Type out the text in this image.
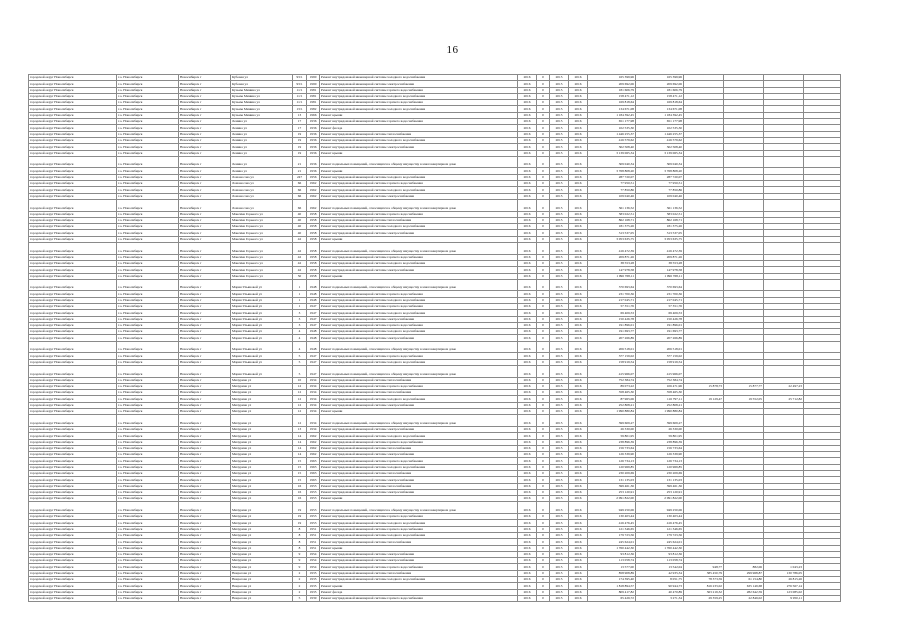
16
городской округ Новосибирск	г.о. Новосибирск	Новосибирск г	Кубовая ул	93/1	1990	Ремонт внутридомовой инженерной системы холодного водоснабжения	2016	0	2015	2016	165 399,96	165 399,96				
городской округ Новосибирск	г.о. Новосибирск	Новосибирск г	Кубовая ул	93/1	1990	Ремонт внутридомовой инженерной системы электроснабжения	2016	0	2015	2016	209 692,06	209 692,06				
городской округ Новосибирск	г.о. Новосибирск	Новосибирск г	Кузьмы Минина ул	11/1	1981	Ремонт внутридомовой инженерной системы горячего водоснабжения	2016	0	2015	2016	181 606,79	181 606,79				
городской округ Новосибирск	г.о. Новосибирск	Новосибирск г	Кузьмы Минина ул	11/1	1981	Ремонт внутридомовой инженерной системы холодного водоснабжения	2016	0	2015	2016	158 471,12	158 471,12				
городской округ Новосибирск	г.о. Новосибирск	Новосибирск г	Кузьмы Минина ул	11/1	1981	Ремонт внутридомовой инженерной системы горячего водоснабжения	2016	0	2015	2016	169 818,64	169 818,64				
городской округ Новосибирск	г.о. Новосибирск	Новосибирск г	Кузьмы Минина ул	13/1	1982	Ремонт внутридомовой инженерной системы холодного водоснабжения	2016	0	2015	2016	134 671,08	134 671,08				
городской округ Новосибирск	г.о. Новосибирск	Новосибирск г	Кузьмы Минина ул	13	1966	Ремонт крыши	2016	0	2015	2016	1 184 392,45	1 184 392,45				
городской округ Новосибирск	г.о. Новосибирск	Новосибирск г	Ленина ул	17	1936	Ремонт внутридомовой инженерной системы горячего водоснабжения	2016	0	2015	2016	651 177,98	651 177,98				
городской округ Новосибирск	г.о. Новосибирск	Новосибирск г	Ленина ул	17	1936	Ремонт фасада	2016	0	2015	2016	102 535,30	102 535,30				
городской округ Новосибирск	г.о. Новосибирск	Новосибирск г	Ленина ул	19	1936	Ремонт внутридомовой инженерной системы теплоснабжения	2016	0	2015	2016	1 446 255,37	1 446 255,37				
городской округ Новосибирск	г.о. Новосибирск	Новосибирск г	Ленина ул	19	1936	Ремонт внутридомовой инженерной системы холодного водоснабжения	2016	0	2015	2016	416 579,62	416 579,62				
городской округ Новосибирск	г.о. Новосибирск	Новосибирск г	Ленина ул	19	1936	Ремонт внутридомовой инженерной системы электроснабжения	2016	0	2015	2016	302 508,40	302 508,40				
городской округ Новосибирск	г.о. Новосибирск	Новосибирск г	Ленина ул	19	1936	Ремонт крыши	2016	0	2015	2016	3 139 065,34	3 139 065,34				
городской округ Новосибирск	г.о. Новосибирск	Новосибирск г	Ленина ул	21	1936	Ремонт подвальных помещений, относящихся к общему имуществу в многоквартирном доме	2016	0	2015	2016	309 040,34	309 040,34				
городской округ Новосибирск	г.о. Новосибирск	Новосибирск г	Ленина ул	21	1936	Ремонт крыши	2016	0	2015	2016	3 768 808,20	3 768 808,20				
городской округ Новосибирск	г.о. Новосибирск	Новосибирск г	Ломоносова ул	247	1956	Ремонт внутридомовой инженерной системы холодного водоснабжения	2016	0	2015	2016	287 720,07	287 720,07				
городской округ Новосибирск	г.о. Новосибирск	Новосибирск г	Ломоносова ул	66	1962	Ремонт внутридомовой инженерной системы горячего водоснабжения	2016	0	2015	2016	77 950,51	77 950,51				
городской округ Новосибирск	г.о. Новосибирск	Новосибирск г	Ломоносова ул	66	1962	Ремонт внутридомовой инженерной системы холодного водоснабжения	2016	0	2015	2016	77 850,86	77 850,86				
городской округ Новосибирск	г.о. Новосибирск	Новосибирск г	Ломоносова ул	66	1962	Ремонт внутридомовой инженерной системы электроснабжения	2016	0	2015	2016	109 040,46	109 040,46				
городской округ Новосибирск	г.о. Новосибирск	Новосибирск г	Ломоносова ул	66	1962	Ремонт подвальных помещений, относящихся к общему имуществу в многоквартирном доме	2016	0	2015	2016	361 136,52	361 136,52				
городской округ Новосибирск	г.о. Новосибирск	Новосибирск г	Максима Горького ул	40	1958	Ремонт внутридомовой инженерной системы горячего водоснабжения	2016	0	2015	2016	583 022,51	583 022,51				
городской округ Новосибирск	г.о. Новосибирск	Новосибирск г	Максима Горького ул	40	1958	Ремонт внутридомовой инженерной системы теплоснабжения	2016	0	2015	2016	862 168,71	862 168,71				
городской округ Новосибирск	г.о. Новосибирск	Новосибирск г	Максима Горького ул	40	1958	Ремонт внутридомовой инженерной системы холодного водоснабжения	2016	0	2015	2016	181 375,26	181 375,26				
городской округ Новосибирск	г.о. Новосибирск	Новосибирск г	Максима Горького ул	40	1958	Ремонт внутридомовой инженерной системы электроснабжения	2016	0	2015	2016	313 537,05	313 537,05				
городской округ Новосибирск	г.о. Новосибирск	Новосибирск г	Максима Горького ул	42	1958	Ремонт крыши	2016	0	2015	2016	3 053 635,75	3 053 635,75				
городской округ Новосибирск	г.о. Новосибирск	Новосибирск г	Максима Горького ул	42	1958	Ремонт подвальных помещений, относящихся к общему имуществу в многоквартирном доме	2016	0	2015	2016	416 472,39	416 472,39				
городской округ Новосибирск	г.о. Новосибирск	Новосибирск г	Максима Горького ул	42	1958	Ремонт внутридомовой инженерной системы горячего водоснабжения	2016	0	2015	2016	209 871,26	209 871,26				
городской округ Новосибирск	г.о. Новосибирск	Новосибирск г	Максима Горького ул	42	1958	Ремонт внутридомовой инженерной системы холодного водоснабжения	2016	0	2015	2016	38 553,28	38 553,28				
городской округ Новосибирск	г.о. Новосибирск	Новосибирск г	Максима Горького ул	42	1958	Ремонт внутридомовой инженерной системы электроснабжения	2016	0	2015	2016	147 978,58	147 978,58				
городской округ Новосибирск	г.о. Новосибирск	Новосибирск г	Максима Горького ул	50	1958	Ремонт крыши	2016	0	2015	2016	1 096 768,11	1 096 768,11				
городской округ Новосибирск	г.о. Новосибирск	Новосибирск г	Мария Ульяновой ул	1	1948	Ремонт подвальных помещений, относящихся к общему имуществу в многоквартирном доме	2016	0	2015	2016	370 693,64	370 693,64				
городской округ Новосибирск	г.о. Новосибирск	Новосибирск г	Мария Ульяновой ул	1	1948	Ремонт внутридомовой инженерной системы горячего водоснабжения	2016	0	2015	2016	231 700,36	231 700,36				
городской округ Новосибирск	г.о. Новосибирск	Новосибирск г	Мария Ульяновой ул	1	1948	Ремонт внутридомовой инженерной системы холодного водоснабжения	2016	0	2015	2016	217 045,71	217 045,71				
городской округ Новосибирск	г.о. Новосибирск	Новосибирск г	Мария Ульяновой ул	1	1947	Ремонт внутридомовой инженерной системы горячего водоснабжения	2016	0	2015	2016	57 351,76	57 351,76				
городской округ Новосибирск	г.о. Новосибирск	Новосибирск г	Мария Ульяновой ул	3	1947	Ремонт внутридомовой инженерной системы холодного водоснабжения	2016	0	2015	2016	69 406,53	69 406,53				
городской округ Новосибирск	г.о. Новосибирск	Новосибирск г	Мария Ульяновой ул	3	1947	Ремонт внутридомовой инженерной системы электроснабжения	2016	0	2015	2016	150 426,78	150 426,78				
городской округ Новосибирск	г.о. Новосибирск	Новосибирск г	Мария Ульяновой ул	3	1947	Ремонт внутридомовой инженерной системы горячего водоснабжения	2016	0	2015	2016	191 896,01	191 896,01				
городской округ Новосибирск	г.о. Новосибирск	Новосибирск г	Мария Ульяновой ул	4	1948	Ремонт внутридомовой инженерной системы холодного водоснабжения	2016	0	2015	2016	191 693,77	191 693,77				
городской округ Новосибирск	г.о. Новосибирск	Новосибирск г	Мария Ульяновой ул	4	1948	Ремонт внутридомовой инженерной системы электроснабжения	2016	0	2015	2016	207 266,89	207 266,89				
городской округ Новосибирск	г.о. Новосибирск	Новосибирск г	Мария Ульяновой ул	4	1948	Ремонт подвальных помещений, относящихся к общему имуществу в многоквартирном доме	2016	0	2015	2016	206 518,01	206 518,01				
городской округ Новосибирск	г.о. Новосибирск	Новосибирск г	Мария Ульяновой ул	5	1947	Ремонт внутридомовой инженерной системы горячего водоснабжения	2016	0	2015	2016	377 159,02	377 159,02				
городской округ Новосибирск	г.о. Новосибирск	Новосибирск г	Мария Ульяновой ул	5	1947	Ремонт внутридомовой инженерной системы холодного водоснабжения	2016	0	2015	2016	158 919,54	158 919,54				
городской округ Новосибирск	г.о. Новосибирск	Новосибирск г	Мария Ульяновой ул	5	1947	Ремонт подвальных помещений, относящихся к общему имуществу в многоквартирном доме	2016	0	2015	2016	415 966,07	415 966,07				
городской округ Новосибирск	г.о. Новосибирск	Новосибирск г	Мичурина ул	10	1934	Ремонт внутридомовой инженерной системы теплоснабжения	2016	0	2015	2016	752 384,74	752 384,74				
городской округ Новосибирск	г.о. Новосибирск	Новосибирск г	Мичурина ул	12	1934	Ремонт внутридомовой инженерной системы горячего водоснабжения	2016	0	2015	2016	89 073,22	106 471,96	15 878,73	15 877,77	22 497,23	
городской округ Новосибирск	г.о. Новосибирск	Новосибирск г	Мичурина ул	12	1934	Ремонт внутридомовой инженерной системы теплоснабжения	2016	0	2015	2016	358 465,30	358 465,30				
городской округ Новосибирск	г.о. Новосибирск	Новосибирск г	Мичурина ул	12	1934	Ремонт внутридомовой инженерной системы холодного водоснабжения	2016	0	2015	2016	87 965,06	116 797,11	19 129,47	19 552,05	25 712,82	
городской округ Новосибирск	г.о. Новосибирск	Новосибирск г	Мичурина ул	12	1934	Ремонт внутридомовой инженерной системы электроснабжения	2016	0	2015	2016	252 808,21	252 808,21				
городской округ Новосибирск	г.о. Новосибирск	Новосибирск г	Мичурина ул	12	1934	Ремонт крыши	2016	0	2015	2016	1 990 880,84	1 990 880,84				
городской округ Новосибирск	г.о. Новосибирск	Новосибирск г	Мичурина ул	12	1934	Ремонт подвальных помещений, относящихся к общему имуществу в многоквартирном доме	2016	0	2015	2016	399 609,27	399 609,27				
городской округ Новосибирск	г.о. Новосибирск	Новосибирск г	Мичурина ул	13	1934	Ремонт внутридомовой инженерной системы электроснабжения	2016	0	2015	2016	26 330,00	26 330,00				
городской округ Новосибирск	г.о. Новосибирск	Новосибирск г	Мичурина ул	14	1962	Ремонт внутридомовой инженерной системы холодного водоснабжения	2016	0	2015	2016	59 801,95	59 801,95				
городской округ Новосибирск	г.о. Новосибирск	Новосибирск г	Мичурина ул	14	1962	Ремонт внутридомовой инженерной системы горячего водоснабжения	2016	0	2015	2016	238 896,39	238 896,39				
городской округ Новосибирск	г.о. Новосибирск	Новосибирск г	Мичурина ул	14	1962	Ремонт внутридомовой инженерной системы теплоснабжения	2016	0	2015	2016	156 733,64	156 733,64				
городской округ Новосибирск	г.о. Новосибирск	Новосибирск г	Мичурина ул	14	1962	Ремонт внутридомовой инженерной системы электроснабжения	2016	0	2015	2016	126 339,90	126 339,90				
городской округ Новосибирск	г.о. Новосибирск	Новосибирск г	Мичурина ул	15	1963	Ремонт внутридомовой инженерной системы горячего водоснабжения	2016	0	2015	2016	126 734,13	126 734,13				
городской округ Новосибирск	г.о. Новосибирск	Новосибирск г	Мичурина ул	15	1963	Ремонт внутридомовой инженерной системы холодного водоснабжения	2016	0	2015	2016	120 969,85	120 969,85				
городской округ Новосибирск	г.о. Новосибирск	Новосибирск г	Мичурина ул	15	1963	Ремонт внутридомовой инженерной системы теплоснабжения	2016	0	2015	2016	230 209,69	230 209,69				
городской округ Новосибирск	г.о. Новосибирск	Новосибирск г	Мичурина ул	15	1963	Ремонт внутридомовой инженерной системы электроснабжения	2016	0	2015	2016	131 135,03	131 135,03				
городской округ Новосибирск	г.о. Новосибирск	Новосибирск г	Мичурина ул	16	1953	Ремонт внутридомовой инженерной системы теплоснабжения	2016	0	2015	2016	399 461,36	399 461,36				
городской округ Новосибирск	г.о. Новосибирск	Новосибирск г	Мичурина ул	16	1953	Ремонт внутридомовой инженерной системы электроснабжения	2016	0	2015	2016	253 120,91	253 120,91				
городской округ Новосибирск	г.о. Новосибирск	Новосибирск г	Мичурина ул	16	1953	Ремонт крыши	2016	0	2015	2016	2 091 822,00	2 091 822,00				
городской округ Новосибирск	г.о. Новосибирск	Новосибирск г	Мичурина ул	19	1953	Ремонт подвальных помещений, относящихся к общему имуществу в многоквартирном доме	2016	0	2015	2016	949 250,06	949 250,06				
городской округ Новосибирск	г.о. Новосибирск	Новосибирск г	Мичурина ул	19	1953	Ремонт внутридомовой инженерной системы горячего водоснабжения	2016	0	2015	2016	130 403,44	130 403,44				
городской округ Новосибирск	г.о. Новосибирск	Новосибирск г	Мичурина ул	19	1953	Ремонт внутридомовой инженерной системы холодного водоснабжения	2016	0	2015	2016	416 476,45	416 476,45				
городской округ Новосибирск	г.о. Новосибирск	Новосибирск г	Мичурина ул	8	1951	Ремонт внутридомовой инженерной системы горячего водоснабжения	2016	0	2015	2016	121 346,65	121 346,65				
городской округ Новосибирск	г.о. Новосибирск	Новосибирск г	Мичурина ул	8	1951	Ремонт внутридомовой инженерной системы холодного водоснабжения	2016	0	2015	2016	179 723,56	179 723,56				
городской округ Новосибирск	г.о. Новосибирск	Новосибирск г	Мичурина ул	8	1951	Ремонт внутридомовой инженерной системы теплоснабжения	2016	0	2015	2016	245 624,01	245 624,01				
городской округ Новосибирск	г.о. Новосибирск	Новосибирск г	Мичурина ул	8	1951	Ремонт крыши	2016	0	2015	2016	1 760 442,30	1 760 442,30				
городской округ Новосибирск	г.о. Новосибирск	Новосибирск г	Мичурина ул	9	1954	Ремонт внутридомовой инженерной системы электроснабжения	2016	0	2015	2016	93 812,36	93 812,36				
городской округ Новосибирск	г.о. Новосибирск	Новосибирск г	Мичурина ул	9	1954	Ремонт внутридомовой инженерной системы электроснабжения	2016	0	2015	2016	113 058,74	113 058,74				
городской округ Новосибирск	г.о. Новосибирск	Новосибирск г	Мичурина ул	9	1954	Ремонт внутридомовой инженерной системы горячего водоснабжения	2016	0	2015	2016	13 577,00	13 542,04	948,77	882,06	1 043,23	
городской округ Новосибирск	г.о. Новосибирск	Новосибирск г	Некрасова ул	2	1935	Ремонт внутридомовой инженерной системы теплоснабжения	2016	0	2015	2016	858 908,89	42 935,34	385 450,79	299 968,87	130 786,05	
городской округ Новосибирск	г.о. Новосибирск	Новосибирск г	Некрасова ул	2	1935	Ремонт внутридомовой инженерной системы холодного водоснабжения	2016	0	2015	2016	174 395,40	8 051,75	78 373,59	61 154,80	26 815,26	
городской округ Новосибирск	г.о. Новосибирск	Новосибирск г	Некрасова ул	2	1935	Ремонт крыши	2016	0	2015	2016	1 818 894,57	90 944,73	816 233,02	635 149,68	276 567,14	
городской округ Новосибирск	г.о. Новосибирск	Новосибирск г	Некрасова ул	2	1935	Ремонт фасада	2016	0	2015	2016	809 417,82	40 470,89	363 219,32	282 642,59	123 085,02	
городской округ Новосибирск	г.о. Новосибирск	Новосибирск г	Некрасова ул	5	1939	Ремонт внутридомовой инженерной системы горячего водоснабжения	2016	0	2015	2016	65 426,72	3 271,34	29 359,25	22 846,02	9 950,11	
